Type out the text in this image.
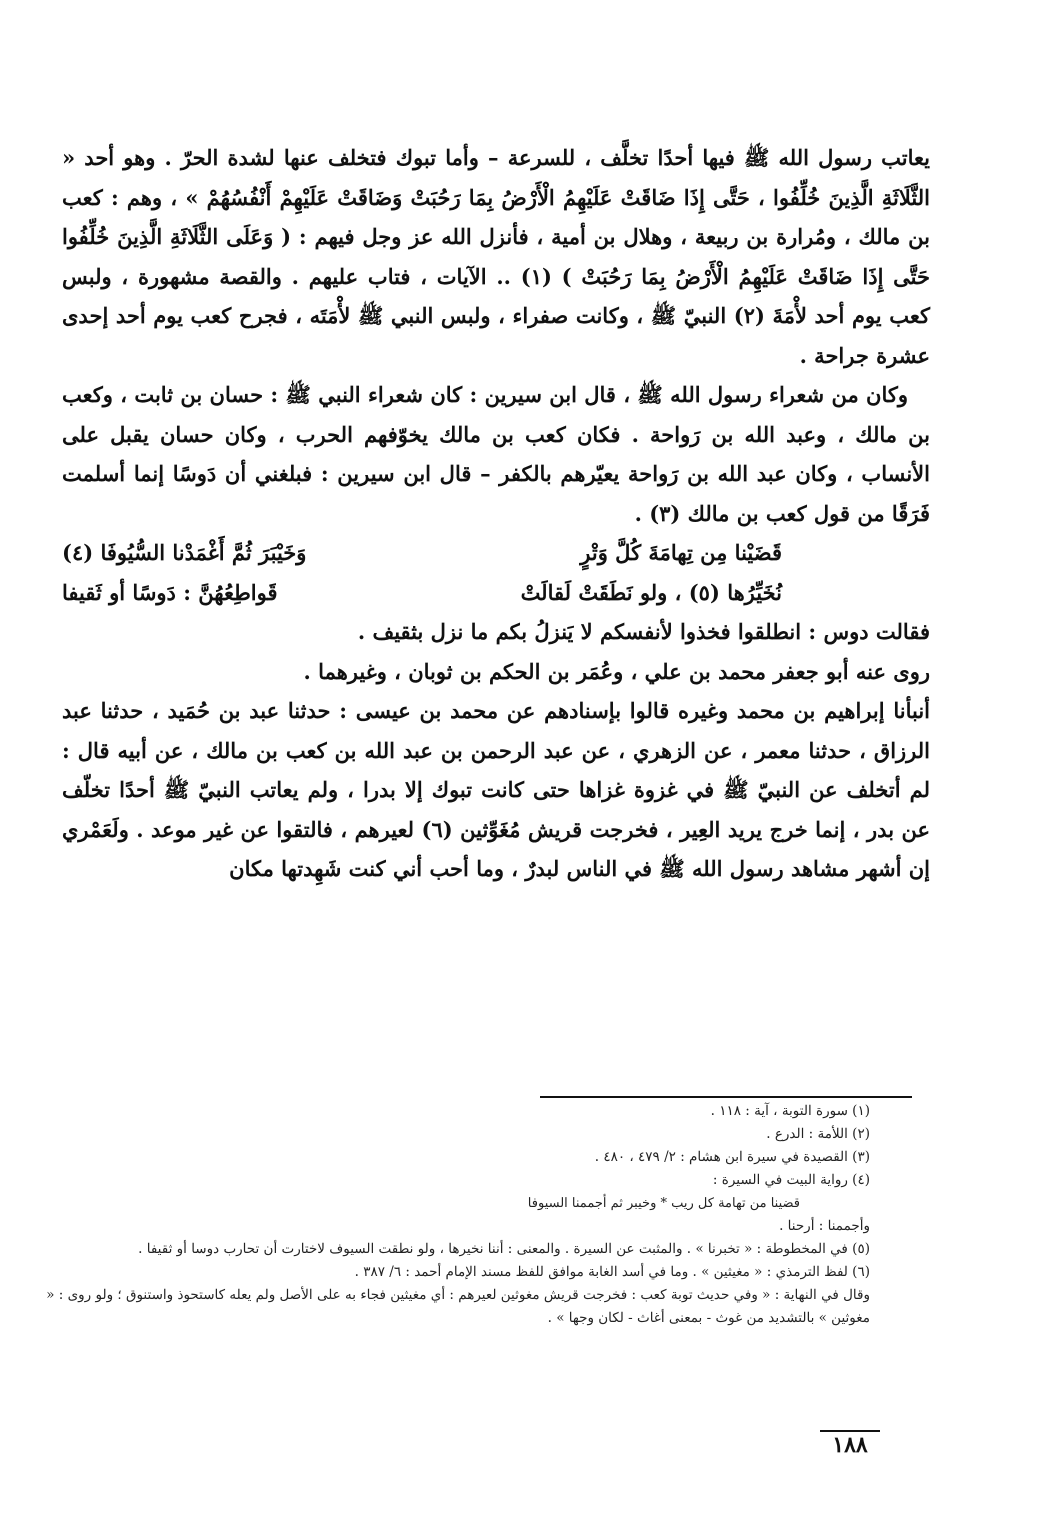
يعاتب رسول الله ﷺ فيها أحدًا تخلَّف ، للسرعة – وأما تبوك فتخلف عنها لشدة الحرّ . وهو أحد « الثَّلَاثَةِ الَّذِينَ خُلِّفُوا ، حَتَّى إِذَا ضَاقَتْ عَلَيْهِمُ الْأَرْضُ بِمَا رَحُبَتْ وَضَاقَتْ عَلَيْهِمْ أَنْفُسُهُمْ » ، وهم : كعب بن مالك ، ومُرارة بن ربيعة ، وهلال بن أمية ، فأنزل الله عز وجل فيهم : ( وَعَلَى الثَّلَاثَةِ الَّذِينَ خُلِّفُوا حَتَّى إِذَا ضَاقَتْ عَلَيْهِمُ الْأَرْضُ بِمَا رَحُبَتْ ) (١) .. الآيات ، فتاب عليهم . والقصة مشهورة ، ولبس كعب يوم أحد لأْمَةَ (٢) النبيّ ﷺ ، وكانت صفراء ، ولبس النبي ﷺ لأْمَتَه ، فجرح كعب يوم أحد إحدى عشرة جراحة .

وكان من شعراء رسول الله ﷺ ، قال ابن سيرين : كان شعراء النبي ﷺ : حسان بن ثابت ، وكعب بن مالك ، وعبد الله بن رَواحة . فكان كعب بن مالك يخوّفهم الحرب ، وكان حسان يقبل على الأنساب ، وكان عبد الله بن رَواحة يعيّرهم بالكفر – قال ابن سيرين : فبلغني أن دَوسًا إنما أسلمت فَرَقًا من قول كعب بن مالك (٣) .

قَضَيْنا مِن تِهامَةَ كُلَّ وَتْرٍ
وَخَيْبَرَ ثُمَّ أَغْمَدْنا السُّيُوفَا (٤)
نُخَيِّرُها (٥) ، ولو نَطَقَتْ لَقالَتْ
قَواطِعُهُنَّ : دَوسًا أو ثَقيفا

فقالت دوس : انطلقوا فخذوا لأنفسكم لا يَنزلُ بكم ما نزل بثقيف .

روى عنه أبو جعفر محمد بن علي ، وعُمَر بن الحكم بن ثوبان ، وغيرهما .

أنبأنا إبراهيم بن محمد وغيره قالوا بإسنادهم عن محمد بن عيسى : حدثنا عبد بن حُمَيد ، حدثنا عبد الرزاق ، حدثنا معمر ، عن الزهري ، عن عبد الرحمن بن عبد الله بن كعب بن مالك ، عن أبيه قال : لم أتخلف عن النبيّ ﷺ في غزوة غزاها حتى كانت تبوك إلا بدرا ، ولم يعاتب النبيّ ﷺ أحدًا تخلّف عن بدر ، إنما خرج يريد العِير ، فخرجت قريش مُغَوِّثين (٦) لعيرهم ، فالتقوا عن غير موعد . ولَعَمْري إن أشهر مشاهد رسول الله ﷺ في الناس لبدرٌ ، وما أحب أني كنت شَهِدتها مكان

(١) سورة التوبة ، آية : ١١٨ .

(٢) اللأمة : الدرع .

(٣) القصيدة في سيرة ابن هشام : ٢/ ٤٧٩ ، ٤٨٠ .

(٤) رواية البيت في السيرة :

قضينا من تهامة كل ريب * وخيبر ثم أجممنا السيوفا

وأجممنا : أرحنا .

(٥) في المخطوطة : « تخبرنا » . والمثبت عن السيرة . والمعنى : أننا نخيرها ، ولو نطقت السيوف لاختارت أن تحارب دوسا أو ثقيفا .

(٦) لفظ الترمذي : « مغيثين » . وما في أسد الغابة موافق للفظ مسند الإمام أحمد : ٦/ ٣٨٧ .

وقال في النهاية : « وفي حديث توبة كعب : فخرجت قريش مغوثين لعيرهم : أي مغيثين فجاء به على الأصل ولم يعله كاستحوذ واستنوق ؛ ولو روى : « مغوثين » بالتشديد من غوث - بمعنى أغاث - لكان وجها » .

١٨٨
